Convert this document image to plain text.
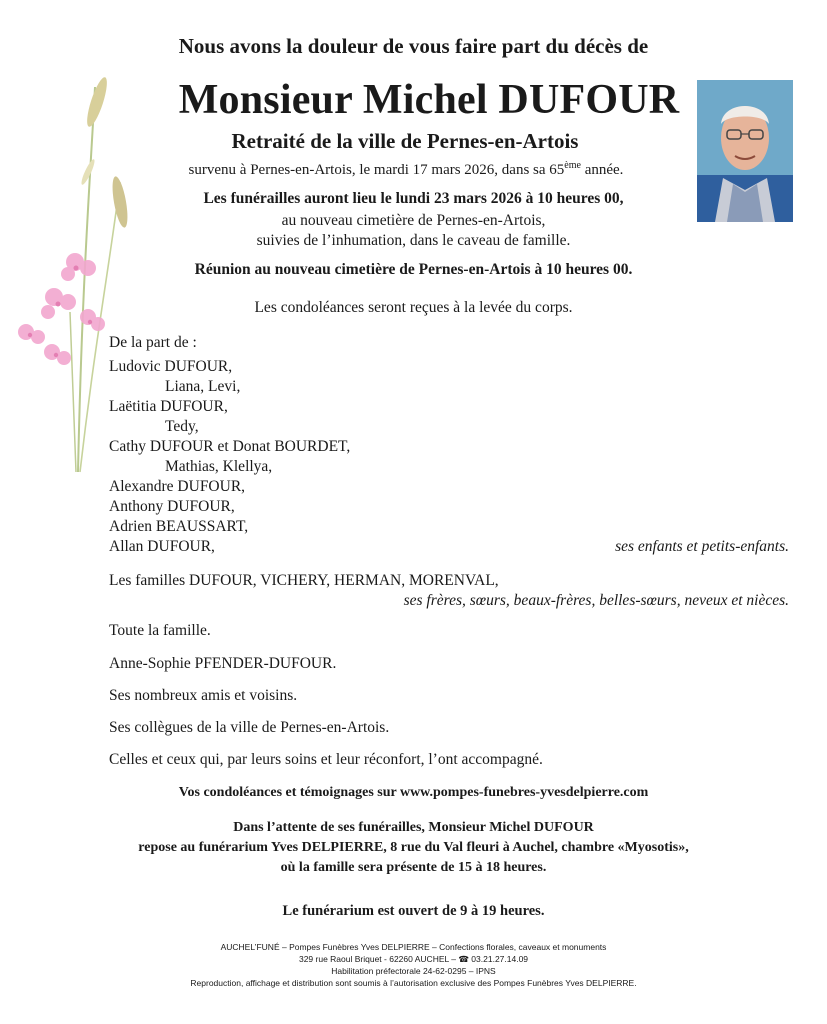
Nous avons la douleur de vous faire part du décès de
Monsieur Michel DUFOUR
Retraité de la ville de Pernes-en-Artois
survenu à Pernes-en-Artois, le mardi 17 mars 2026, dans sa 65ème année.
Les funérailles auront lieu le lundi 23 mars 2026 à 10 heures 00,
au nouveau cimetière de Pernes-en-Artois,
suivies de l’inhumation, dans le caveau de famille.
Réunion au nouveau cimetière de Pernes-en-Artois à 10 heures 00.
Les condoléances seront reçues à la levée du corps.
De la part de :
Ludovic DUFOUR,
Liana, Levi,
Laëtitia DUFOUR,
Tedy,
Cathy DUFOUR et Donat BOURDET,
Mathias, Klellya,
Alexandre DUFOUR,
Anthony DUFOUR,
Adrien BEAUSSART,
Allan DUFOUR,	ses enfants et petits-enfants.
Les familles DUFOUR, VICHERY, HERMAN, MORENVAL,
ses frères, sœurs, beaux-frères, belles-sœurs, neveux et nièces.
Toute la famille.
Anne-Sophie PFENDER-DUFOUR.
Ses nombreux amis et voisins.
Ses collègues de la ville de Pernes-en-Artois.
Celles et ceux qui, par leurs soins et leur réconfort, l’ont accompagné.
Vos condoléances et témoignages sur www.pompes-funebres-yvesdelpierre.com
Dans l’attente de ses funérailles, Monsieur Michel DUFOUR
repose au funérarium Yves DELPIERRE, 8 rue du Val fleuri à Auchel, chambre «Myosotis»,
où la famille sera présente de 15 à 18 heures.
Le funérarium est ouvert de 9 à 19 heures.
AUCHEL’FUNÉ – Pompes Funèbres Yves DELPIERRE – Confections florales, caveaux et monuments
329 rue Raoul Briquet - 62260 AUCHEL – ☎ 03.21.27.14.09
Habilitation préfectorale 24-62-0295 – IPNS
Reproduction, affichage et distribution sont soumis à l’autorisation exclusive des Pompes Funèbres Yves DELPIERRE.
